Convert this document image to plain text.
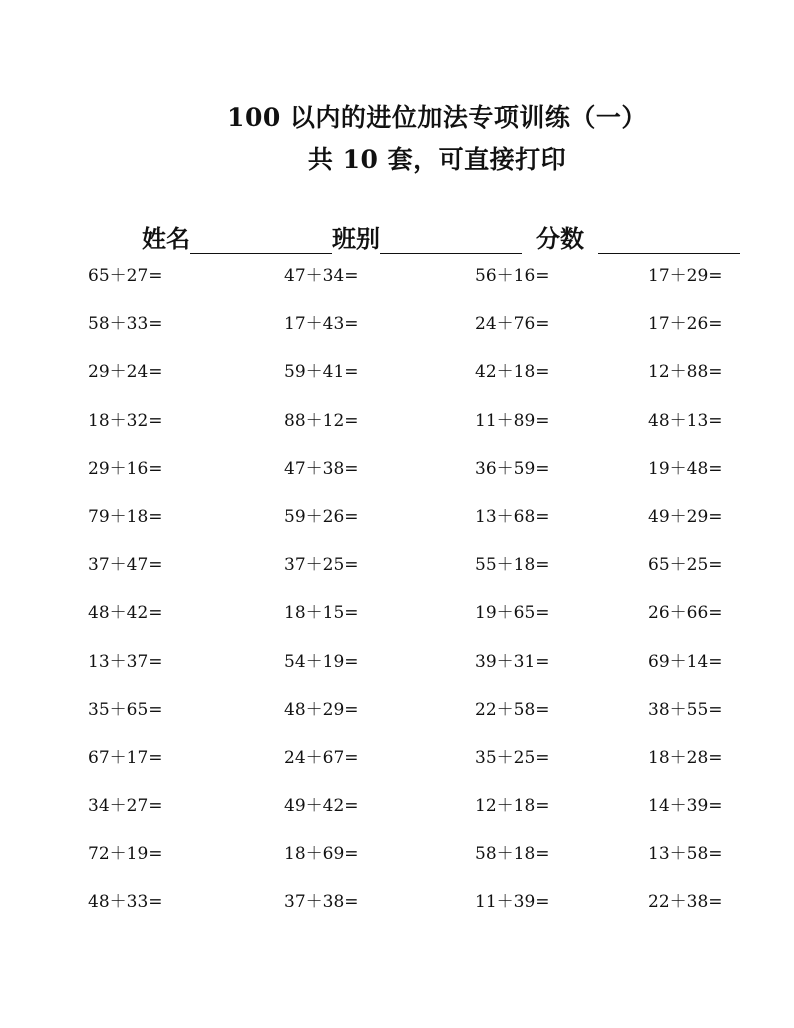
100 以内的进位加法专项训练（一）
共 10 套，可直接打印
姓名	班别	分数
65＋27=	47＋34=	56＋16=	17＋29=
58＋33=	17＋43=	24＋76=	17＋26=
29＋24=	59＋41=	42＋18=	12＋88=
18＋32=	88＋12=	11＋89=	48＋13=
29＋16=	47＋38=	36＋59=	19＋48=
79＋18=	59＋26=	13＋68=	49＋29=
37＋47=	37＋25=	55＋18=	65＋25=
48＋42=	18＋15=	19＋65=	26＋66=
13＋37=	54＋19=	39＋31=	69＋14=
35＋65=	48＋29=	22＋58=	38＋55=
67＋17=	24＋67=	35＋25=	18＋28=
34＋27=	49＋42=	12＋18=	14＋39=
72＋19=	18＋69=	58＋18=	13＋58=
48＋33=	37＋38=	11＋39=	22＋38=
